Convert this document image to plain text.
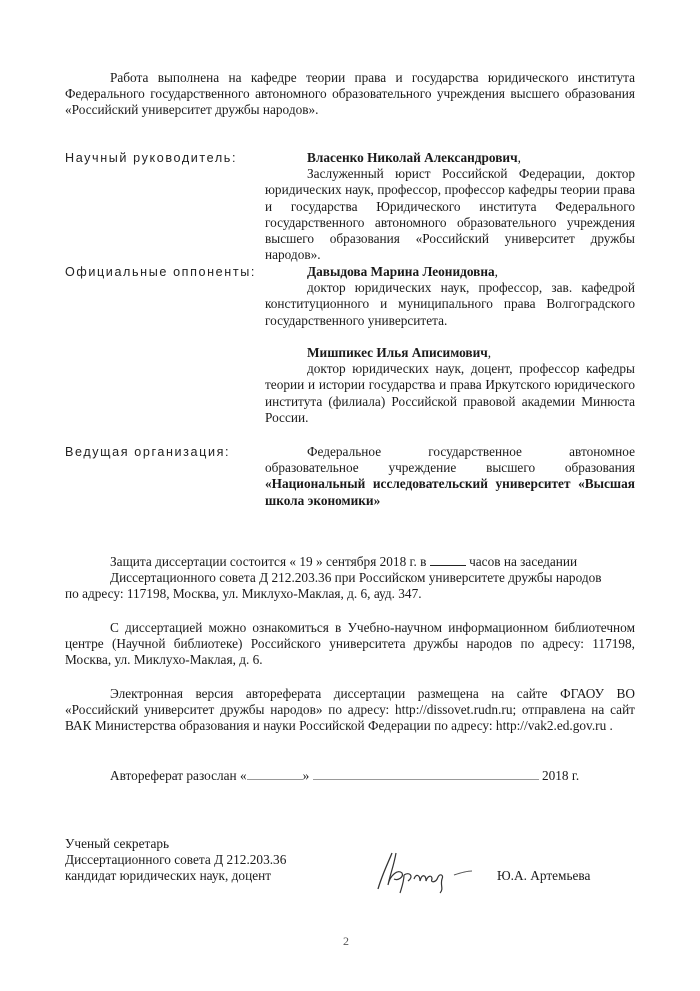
Работа выполнена на кафедре теории права и государства юридического института Федерального государственного автономного образовательного учреждения высшего образования «Российский университет дружбы народов».
Научный руководитель:	Власенко Николай Александрович,
Заслуженный юрист Российской Федерации, доктор юридических наук, профессор, профессор кафедры теории права и государства Юридического института Федерального государственного автономного образовательного учреждения высшего образования «Российский университет дружбы народов».
Официальные оппоненты:	Давыдова Марина Леонидовна,
доктор юридических наук, профессор, зав. кафедрой конституционного и муниципального права Волгоградского государственного университета.
Мишпикес Илья Аписимович,
доктор юридических наук, доцент, профессор кафедры теории и истории государства и права Иркутского юридического института (филиала) Российской правовой академии Минюста России.
Ведущая организация:	Федеральное государственное автономное образовательное учреждение высшего образования «Национальный исследовательский университет «Высшая школа экономики»
Защита диссертации состоится « 19 » сентября 2018 г. в	часов на заседании
Диссертационного совета Д 212.203.36 при Российском университете дружбы народов
по адресу: 117198, Москва, ул. Миклухо-Маклая, д. 6, ауд. 347.
С диссертацией можно ознакомиться в Учебно-научном информационном библиотечном центре (Научной библиотеке) Российского университета дружбы народов по адресу: 117198, Москва, ул. Миклухо-Маклая, д. 6.
Электронная версия автореферата диссертации размещена на сайте ФГАОУ ВО «Российский университет дружбы народов» по адресу: http://dissovet.rudn.ru; отправлена на сайт ВАК Министерства образования и науки Российской Федерации по адресу: http://vak2.ed.gov.ru .
Автореферат разослан «	»	2018 г.
Ученый секретарь
Диссертационного совета Д 212.203.36
кандидат юридических наук, доцент	Ю.А. Артемьева
2
